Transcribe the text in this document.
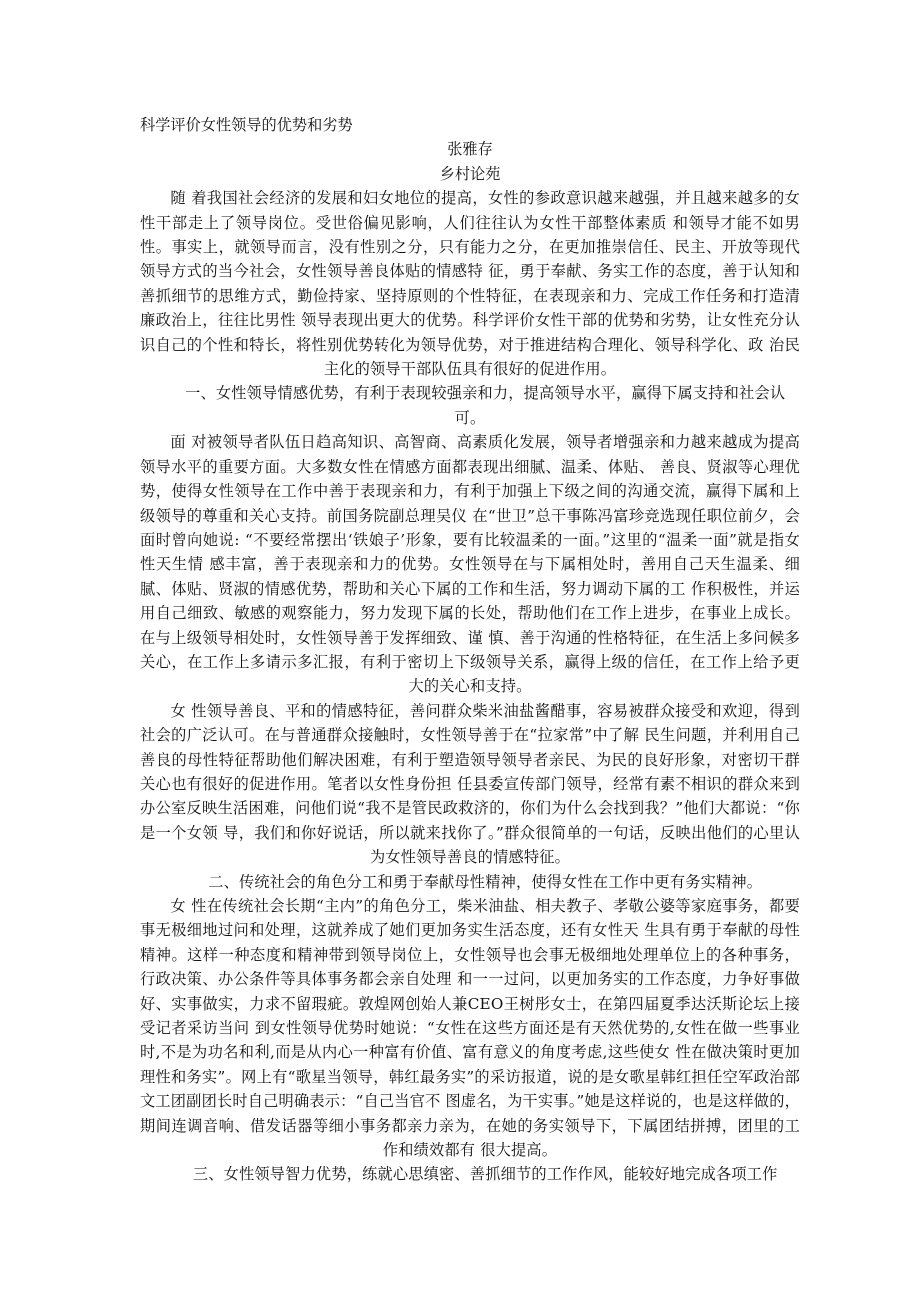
科学评价女性领导的优势和劣势
张雅存
乡村论苑

随 着我国社会经济的发展和妇女地位的提高，女性的参政意识越来越强，并且越来越多的女性干部走上了领导岗位。受世俗偏见影响，人们往往认为女性干部整体素质 和领导才能不如男性。事实上，就领导而言，没有性别之分，只有能力之分，在更加推崇信任、民主、开放等现代领导方式的当今社会，女性领导善良体贴的情感特 征，勇于奉献、务实工作的态度，善于认知和善抓细节的思维方式，勤俭持家、坚持原则的个性特征，在表现亲和力、完成工作任务和打造清廉政治上，往往比男性 领导表现出更大的优势。科学评价女性干部的优势和劣势，让女性充分认识自己的个性和特长，将性别优势转化为领导优势，对于推进结构合理化、领导科学化、政 治民主化的领导干部队伍具有很好的促进作用。

一、女性领导情感优势，有利于表现较强亲和力，提高领导水平，赢得下属支持和社会认可。

面 对被领导者队伍日趋高知识、高智商、高素质化发展，领导者增强亲和力越来越成为提高领导水平的重要方面。大多数女性在情感方面都表现出细腻、温柔、体贴、 善良、贤淑等心理优势，使得女性领导在工作中善于表现亲和力，有利于加强上下级之间的沟通交流，赢得下属和上级领导的尊重和关心支持。前国务院副总理吴仪 在“世卫”总干事陈冯富珍竞选现任职位前夕，会面时曾向她说: “不要经常摆出‘铁娘子’形象，要有比较温柔的一面。”这里的“温柔一面”就是指女性天生情 感丰富，善于表现亲和力的优势。女性领导在与下属相处时，善用自己天生温柔、细腻、体贴、贤淑的情感优势，帮助和关心下属的工作和生活，努力调动下属的工 作积极性，并运用自己细致、敏感的观察能力，努力发现下属的长处，帮助他们在工作上进步，在事业上成长。在与上级领导相处时，女性领导善于发挥细致、谨 慎、善于沟通的性格特征，在生活上多问候多关心，在工作上多请示多汇报，有利于密切上下级领导关系，赢得上级的信任，在工作上给予更大的关心和支持。

女 性领导善良、平和的情感特征，善问群众柴米油盐酱醋事，容易被群众接受和欢迎，得到社会的广泛认可。在与普通群众接触时，女性领导善于在“拉家常”中了解 民生问题，并利用自己善良的母性特征帮助他们解决困难，有利于塑造领导领导者亲民、为民的良好形象，对密切干群关心也有很好的促进作用。笔者以女性身份担 任县委宣传部门领导，经常有素不相识的群众来到办公室反映生活困难，问他们说“我不是管民政救济的，你们为什么会找到我？”他们大都说：“你是一个女领 导，我们和你好说话，所以就来找你了。”群众很简单的一句话，反映出他们的心里认为女性领导善良的情感特征。

二、传统社会的角色分工和勇于奉献母性精神，使得女性在工作中更有务实精神。

女 性在传统社会长期“主内”的角色分工，柴米油盐、相夫教子、孝敬公婆等家庭事务，都要事无极细地过问和处理，这就养成了她们更加务实生活态度，还有女性天 生具有勇于奉献的母性精神。这样一种态度和精神带到领导岗位上，女性领导也会事无极细地处理单位上的各种事务，行政决策、办公条件等具体事务都会亲自处理 和一一过问，以更加务实的工作态度，力争好事做好、实事做实，力求不留瑕疵。敦煌网创始人兼CEO王树彤女士，在第四届夏季达沃斯论坛上接受记者采访当问 到女性领导优势时她说：“女性在这些方面还是有天然优势的,女性在做一些事业时,不是为功名和利,而是从内心一种富有价值、富有意义的角度考虑,这些使女 性在做决策时更加理性和务实”。网上有“歌星当领导，韩红最务实”的采访报道，说的是女歌星韩红担任空军政治部文工团副团长时自己明确表示：“自己当官不 图虚名，为干实事。”她是这样说的，也是这样做的，期间连调音响、借发话器等细小事务都亲力亲为，在她的务实领导下，下属团结拼搏，团里的工作和绩效都有 很大提高。

三、女性领导智力优势，练就心思缜密、善抓细节的工作作风，能较好地完成各项工作
